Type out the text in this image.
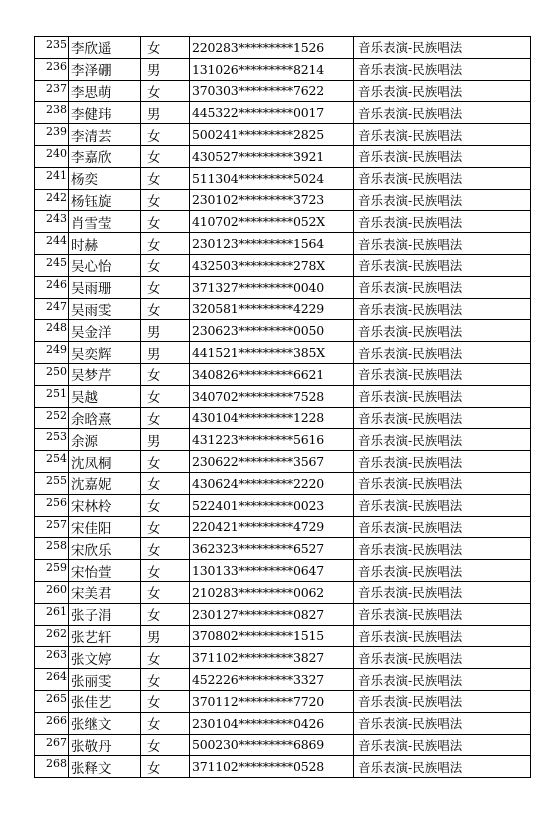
235	李欣遥	女	220283*********1526	音乐表演-民族唱法

236	李泽硼	男	131026*********8214	音乐表演-民族唱法

237	李思萌	女	370303*********7622	音乐表演-民族唱法

238	李健玮	男	445322*********0017	音乐表演-民族唱法

239	李清芸	女	500241*********2825	音乐表演-民族唱法

240	李嘉欣	女	430527*********3921	音乐表演-民族唱法

241	杨奕	女	511304*********5024	音乐表演-民族唱法

242	杨钰旋	女	230102*********3723	音乐表演-民族唱法

243	肖雪莹	女	410702*********052X	音乐表演-民族唱法

244	时赫	女	230123*********1564	音乐表演-民族唱法

245	吴心怡	女	432503*********278X	音乐表演-民族唱法

246	吴雨珊	女	371327*********0040	音乐表演-民族唱法

247	吴雨雯	女	320581*********4229	音乐表演-民族唱法

248	吴金洋	男	230623*********0050	音乐表演-民族唱法

249	吴奕辉	男	441521*********385X	音乐表演-民族唱法

250	吴梦芹	女	340826*********6621	音乐表演-民族唱法

251	吴越	女	340702*********7528	音乐表演-民族唱法

252	余晗熹	女	430104*********1228	音乐表演-民族唱法

253	余源	男	431223*********5616	音乐表演-民族唱法

254	沈凤桐	女	230622*********3567	音乐表演-民族唱法

255	沈嘉妮	女	430624*********2220	音乐表演-民族唱法

256	宋林柃	女	522401*********0023	音乐表演-民族唱法

257	宋佳阳	女	220421*********4729	音乐表演-民族唱法

258	宋欣乐	女	362323*********6527	音乐表演-民族唱法

259	宋怡萱	女	130133*********0647	音乐表演-民族唱法

260	宋美君	女	210283*********0062	音乐表演-民族唱法

261	张子涓	女	230127*********0827	音乐表演-民族唱法

262	张艺轩	男	370802*********1515	音乐表演-民族唱法

263	张文婷	女	371102*********3827	音乐表演-民族唱法

264	张丽雯	女	452226*********3327	音乐表演-民族唱法

265	张佳艺	女	370112*********7720	音乐表演-民族唱法

266	张继文	女	230104*********0426	音乐表演-民族唱法

267	张敬丹	女	500230*********6869	音乐表演-民族唱法

268	张释文	女	371102*********0528	音乐表演-民族唱法
